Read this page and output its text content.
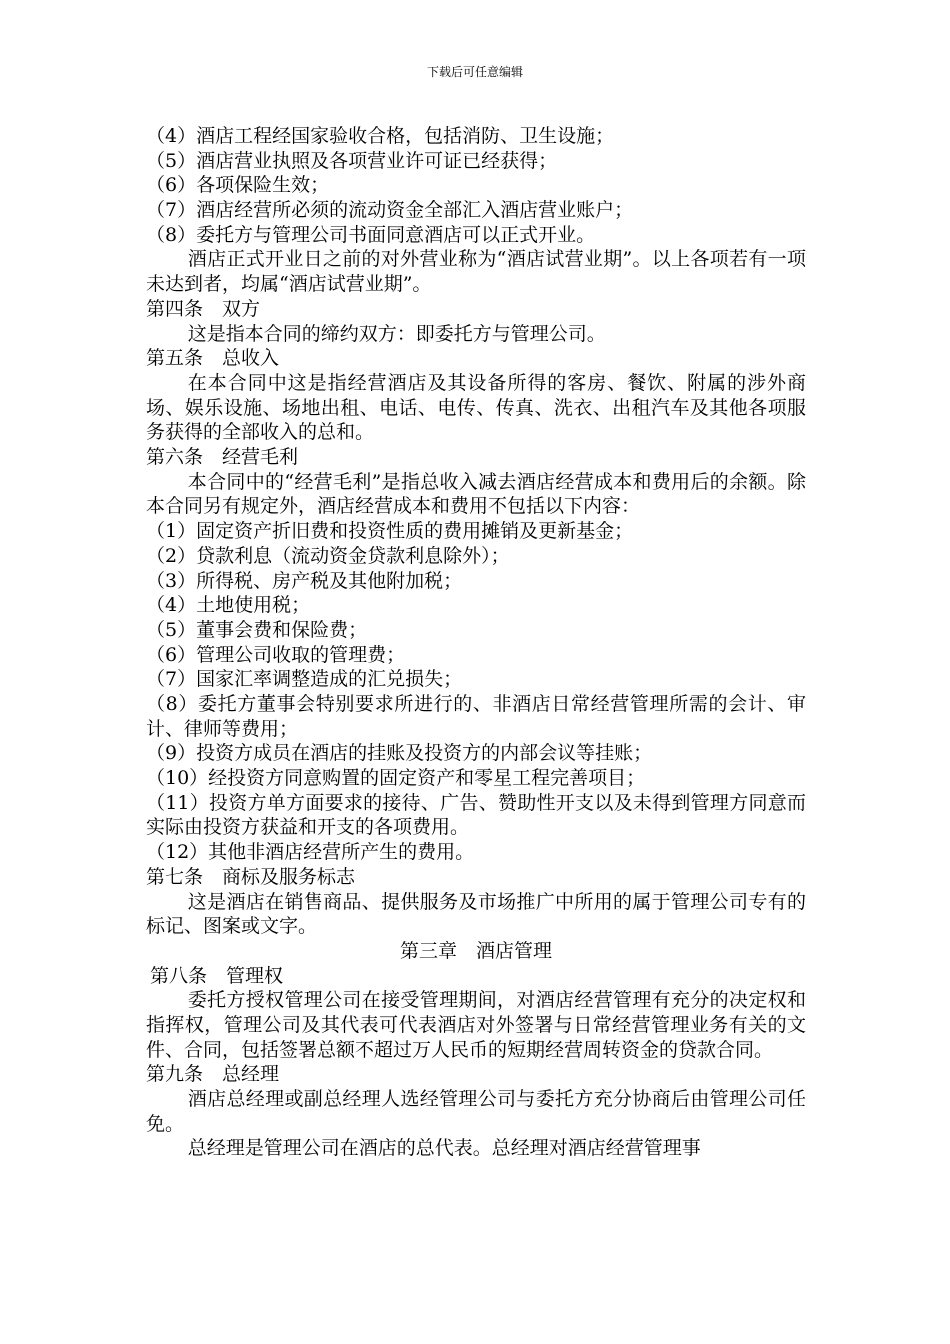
下载后可任意编辑
（4）酒店工程经国家验收合格，包括消防、卫生设施；
（5）酒店营业执照及各项营业许可证已经获得；
（6）各项保险生效；
（7）酒店经营所必须的流动资金全部汇入酒店营业账户；
（8）委托方与管理公司书面同意酒店可以正式开业。
酒店正式开业日之前的对外营业称为“酒店试营业期”。以上各项若有一项未达到者，均属“酒店试营业期”。
第四条　双方
这是指本合同的缔约双方：即委托方与管理公司。
第五条　总收入
在本合同中这是指经营酒店及其设备所得的客房、餐饮、附属的涉外商场、娱乐设施、场地出租、电话、电传、传真、洗衣、出租汽车及其他各项服务获得的全部收入的总和。
第六条　经营毛利
本合同中的“经营毛利”是指总收入减去酒店经营成本和费用后的余额。除本合同另有规定外，酒店经营成本和费用不包括以下内容：
（1）固定资产折旧费和投资性质的费用摊销及更新基金；
（2）贷款利息（流动资金贷款利息除外）；
（3）所得税、房产税及其他附加税；
（4）土地使用税；
（5）董事会费和保险费；
（6）管理公司收取的管理费；
（7）国家汇率调整造成的汇兑损失；
（8）委托方董事会特别要求所进行的、非酒店日常经营管理所需的会计、审计、律师等费用；
（9）投资方成员在酒店的挂账及投资方的内部会议等挂账；
（10）经投资方同意购置的固定资产和零星工程完善项目；
（11）投资方单方面要求的接待、广告、赞助性开支以及未得到管理方同意而实际由投资方获益和开支的各项费用。
（12）其他非酒店经营所产生的费用。
第七条　商标及服务标志
这是酒店在销售商品、提供服务及市场推广中所用的属于管理公司专有的标记、图案或文字。
第三章　酒店管理
第八条　管理权
委托方授权管理公司在接受管理期间，对酒店经营管理有充分的决定权和指挥权，管理公司及其代表可代表酒店对外签署与日常经营管理业务有关的文件、合同，包括签署总额不超过万人民币的短期经营周转资金的贷款合同。
第九条　总经理
酒店总经理或副总经理人选经管理公司与委托方充分协商后由管理公司任免。
总经理是管理公司在酒店的总代表。总经理对酒店经营管理事
